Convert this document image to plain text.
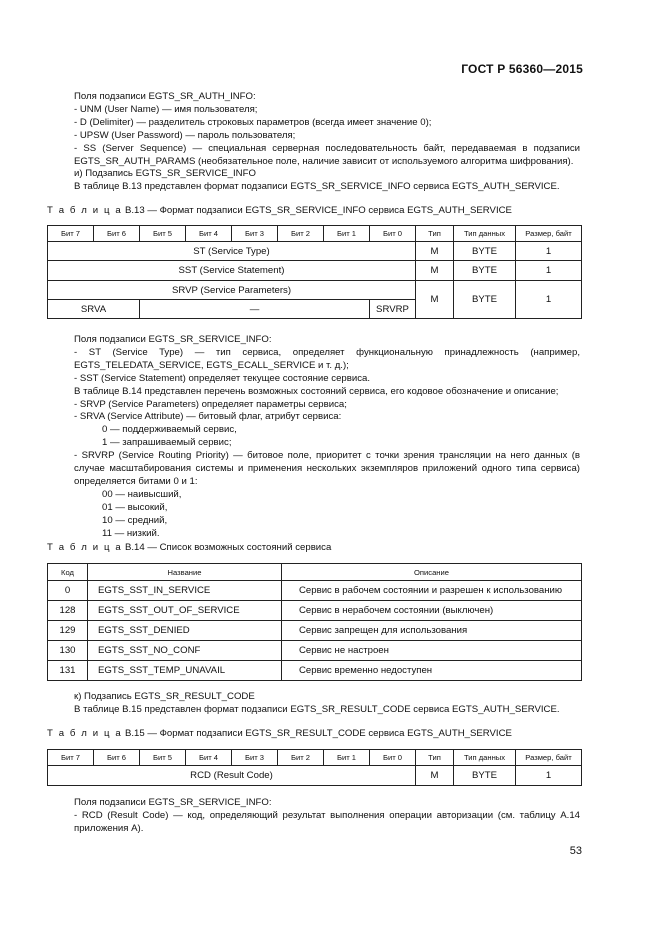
ГОСТ Р 56360—2015

Поля подзаписи EGTS_SR_AUTH_INFO:

- UNM (User Name) — имя пользователя;

- D (Delimiter) — разделитель строковых параметров (всегда имеет значение 0);

- UPSW (User Password) — пароль пользователя;

- SS (Server Sequence) — специальная серверная последовательность байт, передаваемая в подзаписи EGTS_SR_AUTH_PARAMS (необязательное поле, наличие зависит от используемого алгоритма шифрования).

и) Подзапись EGTS_SR_SERVICE_INFO

В таблице В.13 представлен формат подзаписи EGTS_SR_SERVICE_INFO сервиса EGTS_AUTH_SERVICE.

Т а б л и ц а В.13 — Формат подзаписи EGTS_SR_SERVICE_INFO сервиса EGTS_AUTH_SERVICE
Бит 7	Бит 6	Бит 5	Бит 4	Бит 3	Бит 2	Бит 1	Бит 0	Тип	Тип данных	Размер, байт
ST (Service Type)								M	BYTE	1
SST (Service Statement)								M	BYTE	1
SRVP (Service Parameters)								M	BYTE	1
SRVA		—					SRVRP			

Поля подзаписи EGTS_SR_SERVICE_INFO:

- ST (Service Type) — тип сервиса, определяет функциональную принадлежность (например, EGTS_TELEDATA_SERVICE, EGTS_ECALL_SERVICE и т. д.);

- SST (Service Statement) определяет текущее состояние сервиса.

В таблице В.14 представлен перечень возможных состояний сервиса, его кодовое обозначение и описание;

- SRVP (Service Parameters) определяет параметры сервиса;

- SRVA (Service Attribute) — битовый флаг, атрибут сервиса:

0 — поддерживаемый сервис,

1 — запрашиваемый сервис;

- SRVRP (Service Routing Priority) — битовое поле, приоритет с точки зрения трансляции на него данных (в случае масштабирования системы и применения нескольких экземпляров приложений одного типа сервиса) определяется битами 0 и 1:

00 — наивысший,

01 — высокий,

10 — средний,

11 — низкий.

Т а б л и ц а В.14 — Список возможных состояний сервиса
Код	Название	Описание
0	EGTS_SST_IN_SERVICE	Сервис в рабочем состоянии и разрешен к использованию
128	EGTS_SST_OUT_OF_SERVICE	Сервис в нерабочем состоянии (выключен)
129	EGTS_SST_DENIED	Сервис запрещен для использования
130	EGTS_SST_NO_CONF	Сервис не настроен
131	EGTS_SST_TEMP_UNAVAIL	Сервис временно недоступен

к) Подзапись EGTS_SR_RESULT_CODE

В таблице В.15 представлен формат подзаписи EGTS_SR_RESULT_CODE сервиса EGTS_AUTH_SERVICE.

Т а б л и ц а В.15 — Формат подзаписи EGTS_SR_RESULT_CODE сервиса EGTS_AUTH_SERVICE
Бит 7	Бит 6	Бит 5	Бит 4	Бит 3	Бит 2	Бит 1	Бит 0	Тип	Тип данных	Размер, байт
RCD (Result Code)								M	BYTE	1

Поля подзаписи EGTS_SR_SERVICE_INFO:

- RCD (Result Code) — код, определяющий результат выполнения операции авторизации (см. таблицу А.14 приложения А).

53
